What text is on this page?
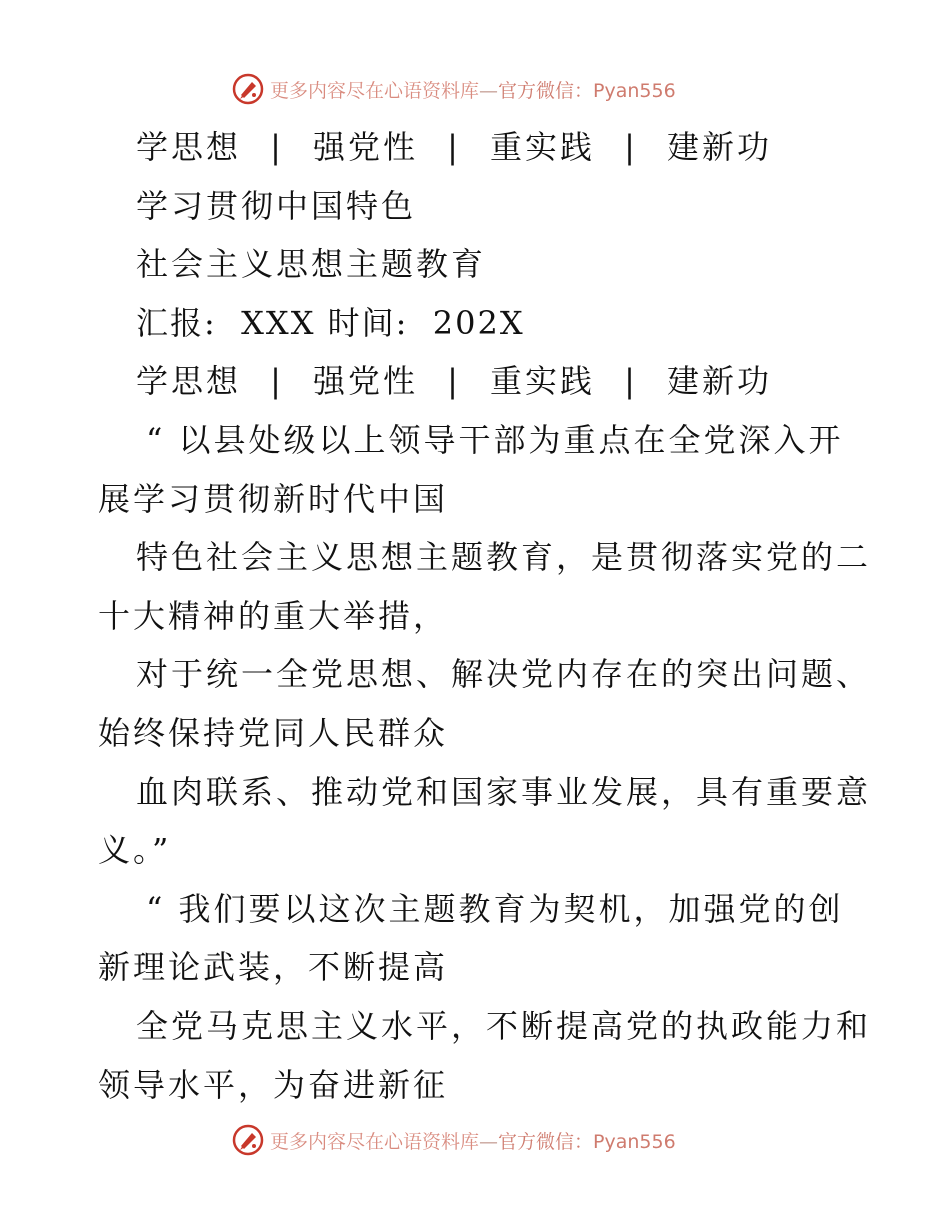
更多内容尽在心语资料库—官方微信：Pyan556
学思想 | 强党性 | 重实践 | 建新功
学习贯彻中国特色
社会主义思想主题教育
汇报:  XXX 时间:  202X
学思想 | 强党性 | 重实践 | 建新功
“ 以县处级以上领导干部为重点在全党深入开
展学习贯彻新时代中国
特色社会主义思想主题教育，是贯彻落实党的二
十大精神的重大举措，
对于统一全党思想、解决党内存在的突出问题、
始终保持党同人民群众
血肉联系、推动党和国家事业发展，具有重要意
义。”
“ 我们要以这次主题教育为契机，加强党的创
新理论武装，不断提高
全党马克思主义水平，不断提高党的执政能力和
领导水平，为奋进新征
更多内容尽在心语资料库—官方微信：Pyan556
